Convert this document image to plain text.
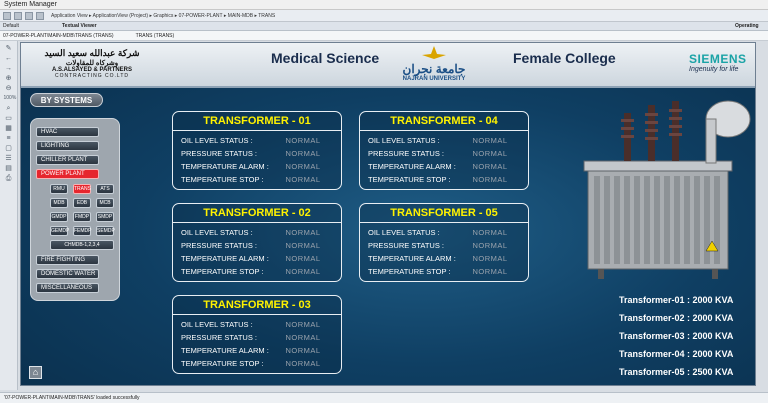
System Manager
Application View ▸ ApplicationView (Project) ▸ Graphics ▸ 07-POWER-PLANT ▸ MAIN-MDB ▸ TRANS
Default	Textual Viewer	Operating
07-POWER-PLANT\MAIN-MDB\TRANS (TRANS)	TRANS (TRANS)
✎
←
→
⊕
⊖
100%
⌕
▭
▦
≡
▢
☰
▤
⎙
شركة عبدالله سعيد السيد
وشركاه للمقاولات
A.S.ALSAYED & PARTNERS
CONTRACTING CO.LTD
Medical Science
جامعة نجران
NAJRAN UNIVERSITY
Female College	SIEMENS
Ingenuity for life
BY SYSTEMS
HVAC
LIGHTING
CHILLER PLANT
POWER PLANT
RMU	TRANS	ATS
MDB	EDB	MCB
GMDP	FMDP	SMDP
GEMDP FEMDP SEMDP
CHMDB-1,2,3,4
FIRE FIGHTING
DOMESTIC WATER
MISCELLANEOUS
TRANSFORMER - 01
OIL LEVEL STATUS :	NORMAL
PRESSURE STATUS :	NORMAL
TEMPERATURE ALARM :	NORMAL
TEMPERATURE STOP :	NORMAL
TRANSFORMER - 02
OIL LEVEL STATUS :	NORMAL
PRESSURE STATUS :	NORMAL
TEMPERATURE ALARM :	NORMAL
TEMPERATURE STOP :	NORMAL
TRANSFORMER - 03
OIL LEVEL STATUS :	NORMAL
PRESSURE STATUS :	NORMAL
TEMPERATURE ALARM :	NORMAL
TEMPERATURE STOP :	NORMAL
TRANSFORMER - 04
OIL LEVEL STATUS :	NORMAL
PRESSURE STATUS :	NORMAL
TEMPERATURE ALARM :	NORMAL
TEMPERATURE STOP :	NORMAL
TRANSFORMER - 05
OIL LEVEL STATUS :	NORMAL
PRESSURE STATUS :	NORMAL
TEMPERATURE ALARM :	NORMAL
TEMPERATURE STOP :	NORMAL
Transformer-01 : 2000 KVA
Transformer-02 : 2000 KVA
Transformer-03 : 2000 KVA
Transformer-04 : 2000 KVA
Transformer-05 : 2500 KVA
⌂
'07-POWER-PLANT\MAIN-MDB\TRANS' loaded successfully
